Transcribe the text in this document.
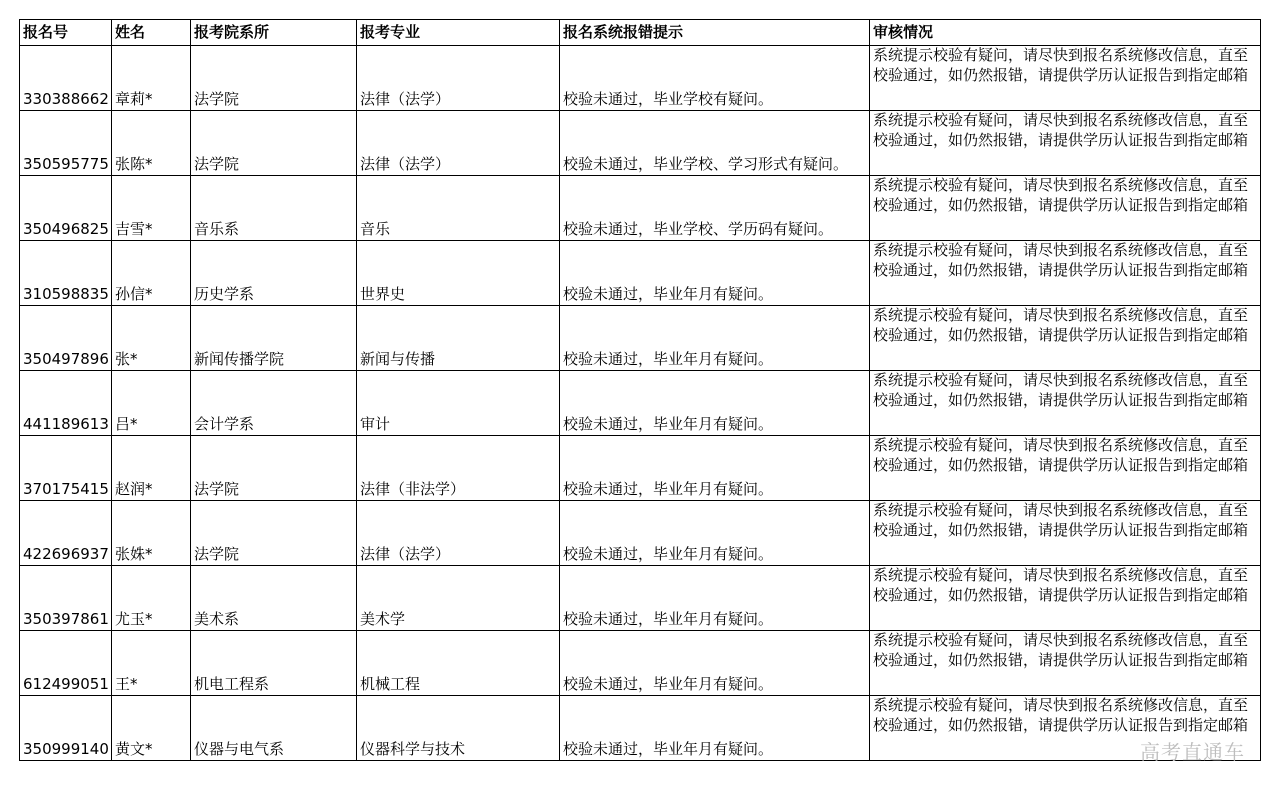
报名号	姓名	报考院系所	报考专业	报名系统报错提示	审核情况
330388662	章莉*	法学院	法律（法学）	校验未通过，毕业学校有疑问。	系统提示校验有疑问，请尽快到报名系统修改信息，直至校验通过，如仍然报错，请提供学历认证报告到指定邮箱
350595775	张陈*	法学院	法律（法学）	校验未通过，毕业学校、学习形式有疑问。	系统提示校验有疑问，请尽快到报名系统修改信息，直至校验通过，如仍然报错，请提供学历认证报告到指定邮箱
350496825	吉雪*	音乐系	音乐	校验未通过，毕业学校、学历码有疑问。	系统提示校验有疑问，请尽快到报名系统修改信息，直至校验通过，如仍然报错，请提供学历认证报告到指定邮箱
310598835	孙信*	历史学系	世界史	校验未通过，毕业年月有疑问。	系统提示校验有疑问，请尽快到报名系统修改信息，直至校验通过，如仍然报错，请提供学历认证报告到指定邮箱
350497896	张*	新闻传播学院	新闻与传播	校验未通过，毕业年月有疑问。	系统提示校验有疑问，请尽快到报名系统修改信息，直至校验通过，如仍然报错，请提供学历认证报告到指定邮箱
441189613	吕*	会计学系	审计	校验未通过，毕业年月有疑问。	系统提示校验有疑问，请尽快到报名系统修改信息，直至校验通过，如仍然报错，请提供学历认证报告到指定邮箱
370175415	赵润*	法学院	法律（非法学）	校验未通过，毕业年月有疑问。	系统提示校验有疑问，请尽快到报名系统修改信息，直至校验通过，如仍然报错，请提供学历认证报告到指定邮箱
422696937	张姝*	法学院	法律（法学）	校验未通过，毕业年月有疑问。	系统提示校验有疑问，请尽快到报名系统修改信息，直至校验通过，如仍然报错，请提供学历认证报告到指定邮箱
350397861	尤玉*	美术系	美术学	校验未通过，毕业年月有疑问。	系统提示校验有疑问，请尽快到报名系统修改信息，直至校验通过，如仍然报错，请提供学历认证报告到指定邮箱
612499051	王*	机电工程系	机械工程	校验未通过，毕业年月有疑问。	系统提示校验有疑问，请尽快到报名系统修改信息，直至校验通过，如仍然报错，请提供学历认证报告到指定邮箱
350999140	黄文*	仪器与电气系	仪器科学与技术	校验未通过，毕业年月有疑问。	系统提示校验有疑问，请尽快到报名系统修改信息，直至校验通过，如仍然报错，请提供学历认证报告到指定邮箱
高考直通车
